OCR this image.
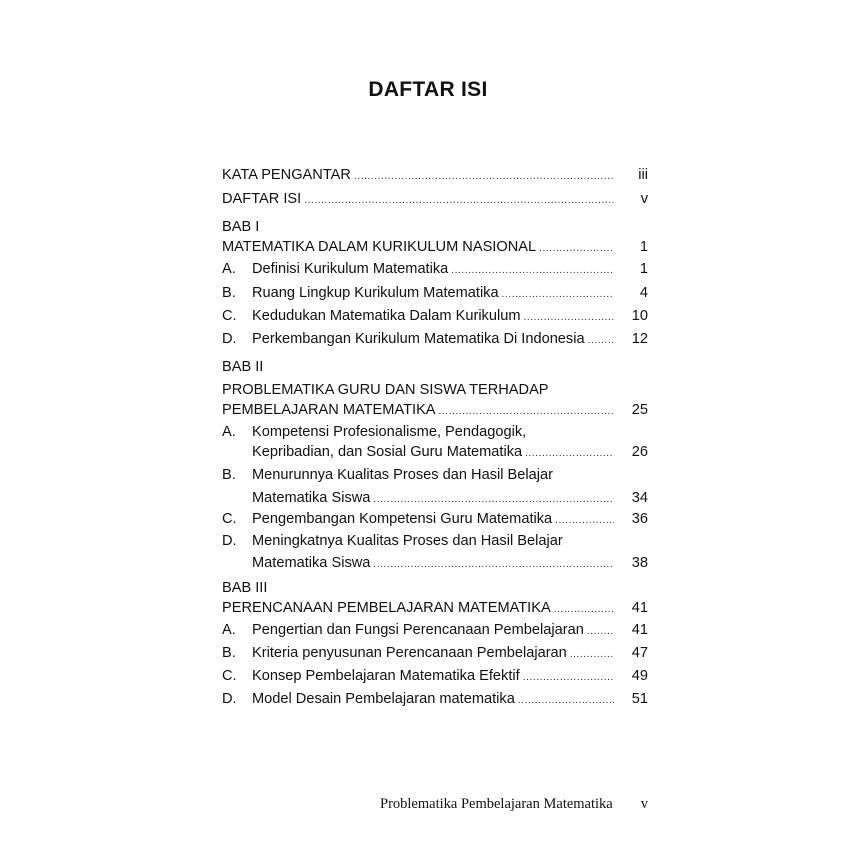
DAFTAR ISI
KATA PENGANTAR .....	iii
DAFTAR ISI .....	v
BAB I
MATEMATIKA DALAM KURIKULUM NASIONAL .....	1
A.	Definisi Kurikulum Matematika .....	1
B.	Ruang Lingkup Kurikulum Matematika .....	4
C.	Kedudukan Matematika Dalam Kurikulum .....	10
D.	Perkembangan Kurikulum Matematika Di Indonesia .....	12
BAB II
PROBLEMATIKA GURU DAN SISWA TERHADAP
PEMBELAJARAN MATEMATIKA .....	25
A.	Kompetensi Profesionalisme, Pendagogik,
Kepribadian, dan Sosial Guru Matematika .....	26
B.	Menurunnya Kualitas Proses dan Hasil Belajar
Matematika Siswa .....	34
C.	Pengembangan Kompetensi Guru Matematika .....	36
D.	Meningkatnya Kualitas Proses dan Hasil Belajar
Matematika Siswa .....	38
BAB III
PERENCANAAN PEMBELAJARAN MATEMATIKA .....	41
A.	Pengertian dan Fungsi Perencanaan Pembelajaran .....	41
B.	Kriteria penyusunan Perencanaan Pembelajaran .....	47
C.	Konsep Pembelajaran Matematika Efektif .....	49
D.	Model Desain Pembelajaran matematika .....	51
Problematika Pembelajaran Matematika v
